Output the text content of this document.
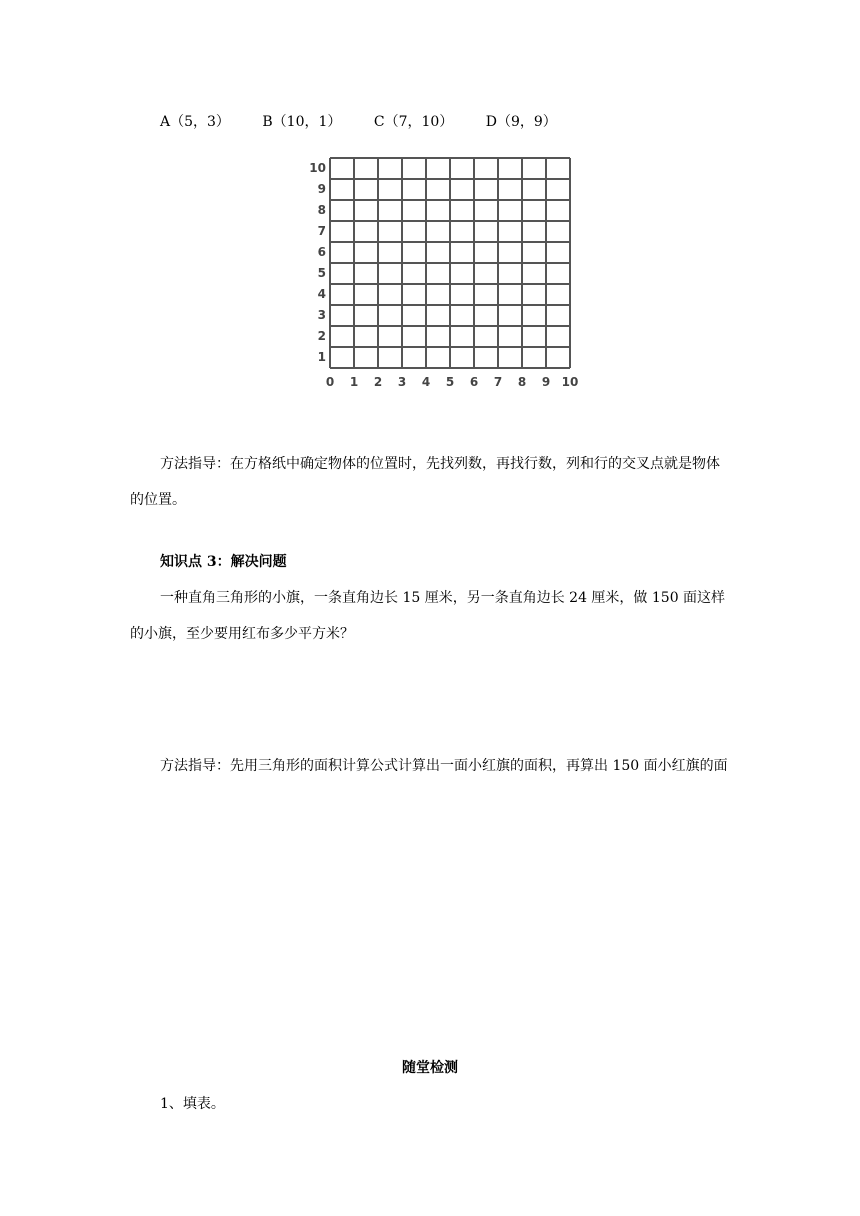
A（5，3） B（10，1） C（7，10） D（9，9）
0 1 2 3 4 5 6 7 8 9 10
1
2
3
4
5
6
7
8
9
10

方法指导：在方格纸中确定物体的位置时，先找列数，再找行数，列和行的交叉点就是物体的位置。

知识点 3：解决问题

一种直角三角形的小旗，一条直角边长 15 厘米，另一条直角边长 24 厘米，做 150 面这样的小旗，至少要用红布多少平方米？

方法指导：先用三角形的面积计算公式计算出一面小红旗的面积，再算出 150 面小红旗的面

随堂检测

1、填表。
